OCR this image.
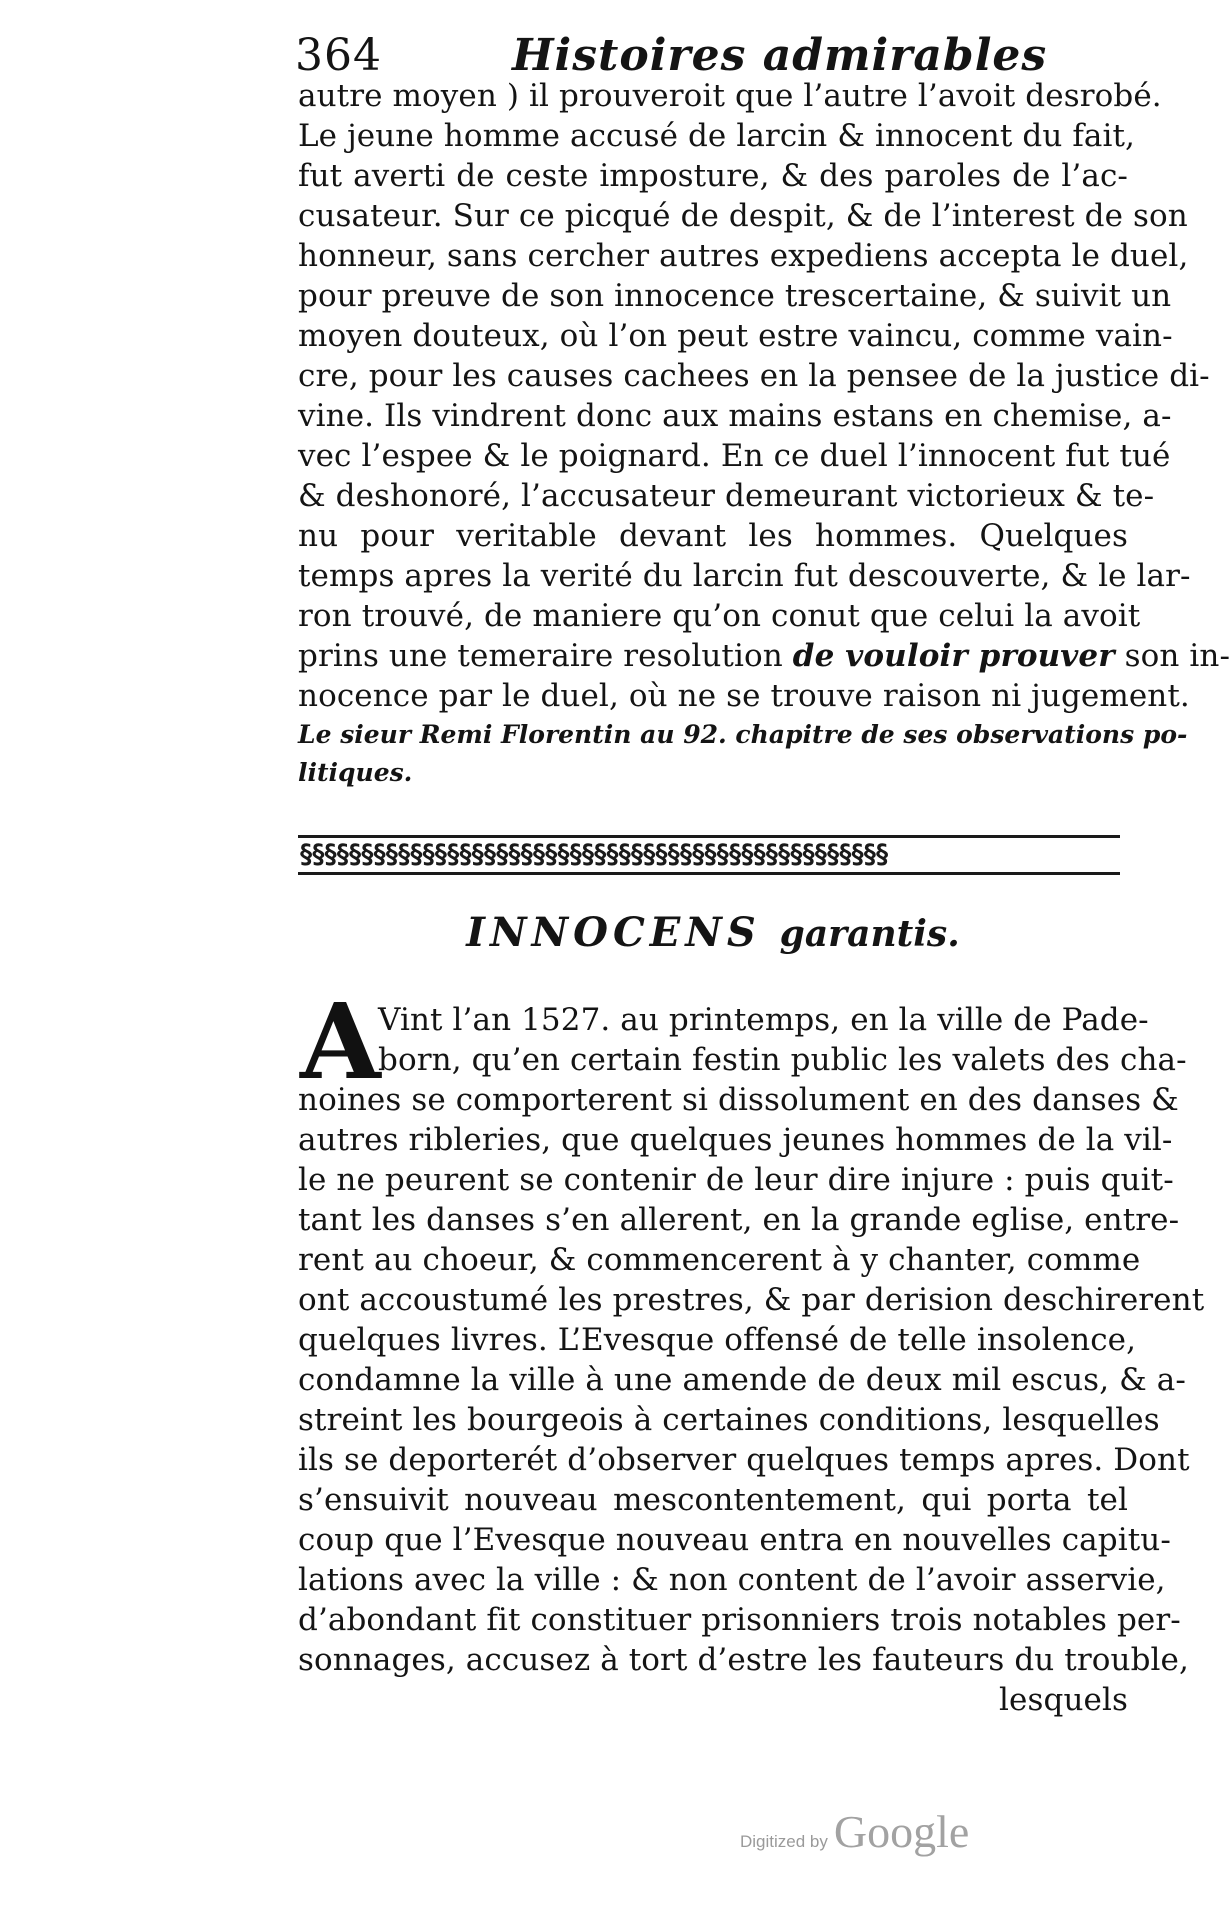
364	Histoires admirables
autre moyen ) il prouveroit que l’autre l’avoit desrobé.
Le jeune homme accusé de larcin & innocent du fait,
fut averti de ceste imposture, & des paroles de l’ac-
cusateur. Sur ce picqué de despit, & de l’interest de son
honneur, sans cercher autres expediens accepta le duel,
pour preuve de son innocence trescertaine, & suivit un
moyen douteux, où l’on peut estre vaincu, comme vain-
cre, pour les causes cachees en la pensee de la justice di-
vine. Ils vindrent donc aux mains estans en chemise, a-
vec l’espee & le poignard. En ce duel l’innocent fut tué
& deshonoré, l’accusateur demeurant victorieux & te-
nu pour veritable devant les hommes. Quelques
temps apres la verité du larcin fut descouverte, & le lar-
ron trouvé, de maniere qu’on conut que celui la avoit
prins une temeraire resolution de vouloir prouver son in-
nocence par le duel, où ne se trouve raison ni jugement.
Le sieur Remi Florentin au 92. chapitre de ses observations po-
litiques.
§§§§§§§§§§§§§§§§§§§§§§§§§§§§§§§§§§§§§§§§§§§§§§§§
INNOCENS garantis.
A
Vint l’an 1527. au printemps, en la ville de Pade-
born, qu’en certain festin public les valets des cha-
noines se comporterent si dissolument en des danses &
autres ribleries, que quelques jeunes hommes de la vil-
le ne peurent se contenir de leur dire injure : puis quit-
tant les danses s’en allerent, en la grande eglise, entre-
rent au choeur, & commencerent à y chanter, comme
ont accoustumé les prestres, & par derision deschirerent
quelques livres. L’Evesque offensé de telle insolence,
condamne la ville à une amende de deux mil escus, & a-
streint les bourgeois à certaines conditions, lesquelles
ils se deporterét d’observer quelques temps apres. Dont
s’ensuivit nouveau mescontentement, qui porta tel
coup que l’Evesque nouveau entra en nouvelles capitu-
lations avec la ville : & non content de l’avoir asservie,
d’abondant fit constituer prisonniers trois notables per-
sonnages, accusez à tort d’estre les fauteurs du trouble,
lesquels
Digitized by Google
